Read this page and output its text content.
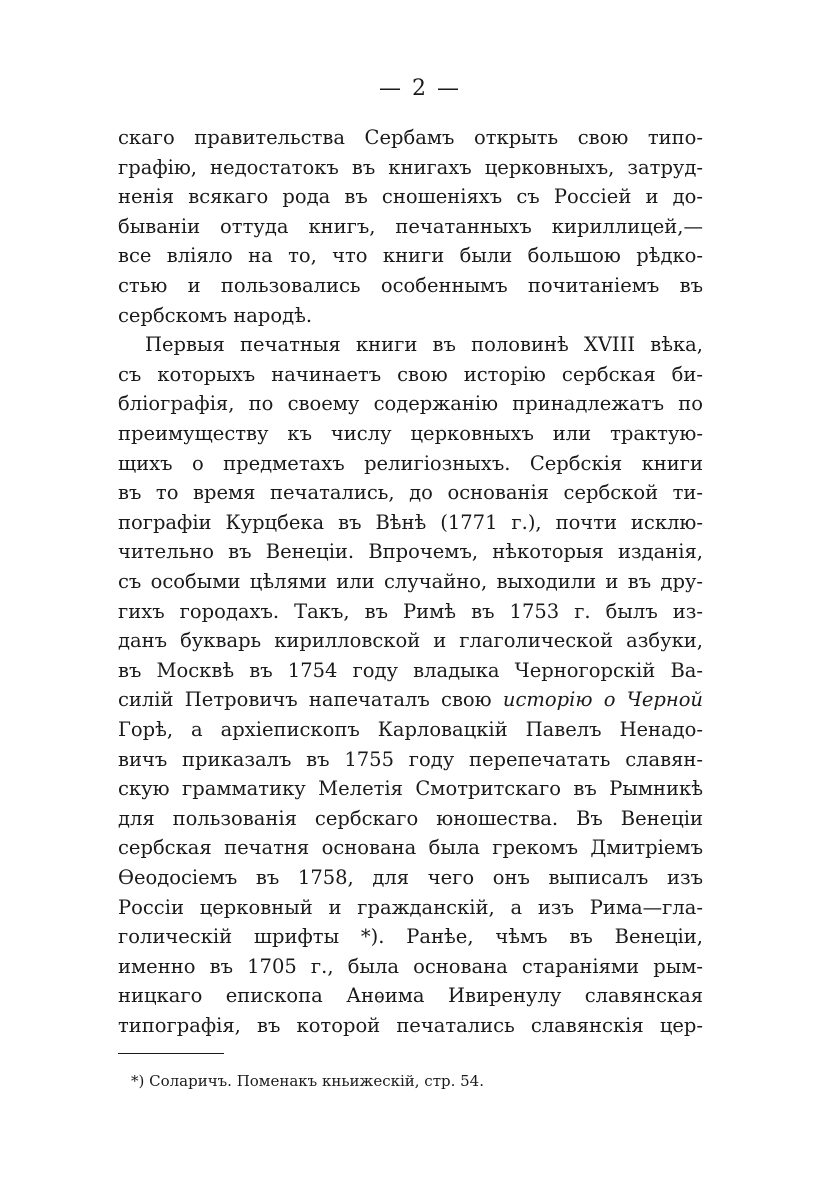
— 2 —
скаго правительства Сербамъ открыть свою типо-
графію, недостатокъ въ книгахъ церковныхъ, затруд-
ненія всякаго рода въ сношеніяхъ съ Россіей и до-
бываніи оттуда книгъ, печатанныхъ кириллицей,—
все вліяло на то, что книги были большою рѣдко-
стью и пользовались особеннымъ почитаніемъ въ
сербскомъ народѣ.
Первыя печатныя книги въ половинѣ XVIII вѣка,
съ которыхъ начинаетъ свою исторію сербская би-
бліографія, по своему содержанію принадлежатъ по
преимуществу къ числу церковныхъ или трактую-
щихъ о предметахъ религіозныхъ. Сербскія книги
въ то время печатались, до основанія сербской ти-
пографіи Курцбека въ Вѣнѣ (1771 г.), почти исклю-
чительно въ Венеціи. Впрочемъ, нѣкоторыя изданія,
съ особыми цѣлями или случайно, выходили и въ дру-
гихъ городахъ. Такъ, въ Римѣ въ 1753 г. былъ из-
данъ букварь кирилловской и глаголической азбуки,
въ Москвѣ въ 1754 году владыка Черногорскій Ва-
силій Петровичъ напечаталъ свою исторію о Черной
Горѣ, а архіепископъ Карловацкій Павелъ Ненадо-
вичъ приказалъ въ 1755 году перепечатать славян-
скую грамматику Мелетія Смотритскаго въ Рымникѣ
для пользованія сербскаго юношества. Въ Венеціи
сербская печатня основана была грекомъ Дмитріемъ
Ѳеодосіемъ въ 1758, для чего онъ выписалъ изъ
Россіи церковный и гражданскій, а изъ Рима—гла-
голическій шрифты *). Ранѣе, чѣмъ въ Венеціи,
именно въ 1705 г., была основана стараніями рым-
ницкаго епископа Анѳима Ивиренулу славянская
типографія, въ которой печатались славянскія цер-
*) Соларичъ. Поменакъ кньижескій, стр. 54.
